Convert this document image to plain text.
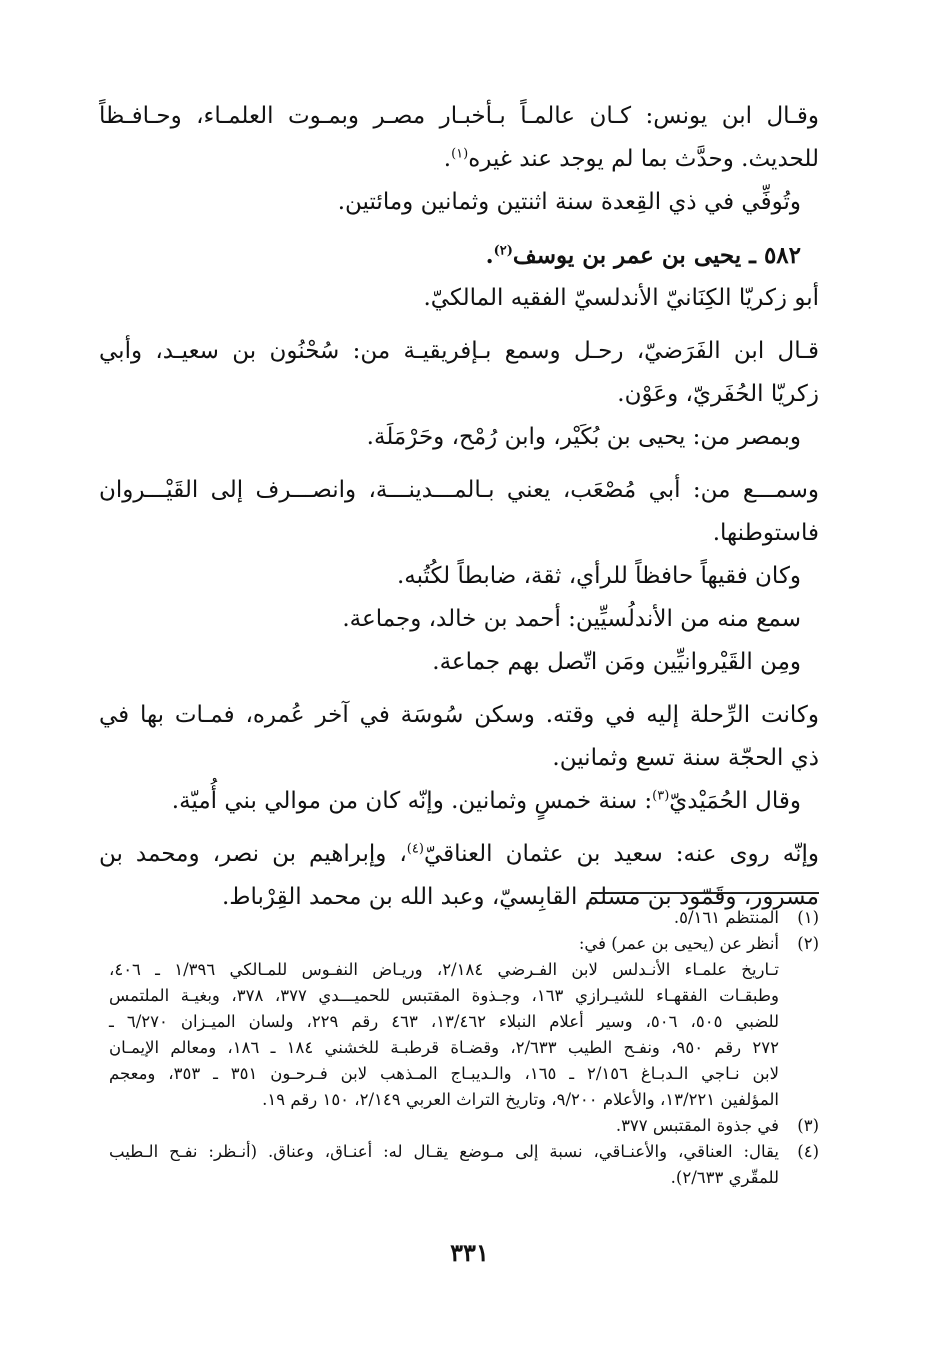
وقـال ابن يونس: كـان عالمـاً بـأخبـار مصـر وبمـوت العلمـاء، وحـافـظاً

للحديث. وحدَّث بما لم يوجد عند غيره$^{(١)}$.

وتُوفِّي في ذي القِعدة سنة اثنتين وثمانين ومائتين.

٥٨٢ ـ يحيى بن عمر بن يوسف$^{(٢)}$.

أبو زكريّا الكِنَانيّ الأندلسيّ الفقيه المالكيّ.

قـال ابن الفَرَضيّ، رحـل وسمع بـإفريقيـة من: سُحْنُون بن سعيـد، وأبي

زكريّا الحُفَريّ، وعَوْن.

وبمصر من: يحيى بن بُكَيْر، وابن رُمْح، وحَرْمَلَة.

وسمـــع من: أبي مُصْعَب، يعني بـالمـــدينـــة، وانصـــرف إلى القَيْـــروان

فاستوطنها.

وكان فقيهاً حافظاً للرأي، ثقة، ضابطاً لكُتُبه.

سمع منه من الأندلُسيِّين: أحمد بن خالد، وجماعة.

ومِن القَيْروانيِّين ومَن اتّصل بهم جماعة.

وكانت الرِّحلة إليه في وقته. وسكن سُوسَة في آخر عُمره، فمـات بها في

ذي الحجّة سنة تسع وثمانين.

وقال الحُمَيْديّ$^{(٣)}$: سنة خمسٍ وثمانين. وإنّه كان من موالي بني أُميّة.

وإنّه روى عنه: سعيد بن عثمان العناقيّ$^{(٤)}$، وإبراهيم بن نصر، ومحمد بن

مسرور، وقَمّود بن مسلم القابِسيّ، وعبد الله بن محمد القِرْباط.

(١)
المنتظم ٥/١٦١.
(٢)
أنظر عن (يحيى بن عمر) في:
تـاريخ علمـاء الأنـدلس لابن الفـرضي ٢/١٨٤، وريـاض النفـوس للمـالكي ١/٣٩٦ ـ ٤٠٦،
وطبقـات الفقهـاء للشيـرازي ١٦٣، وجـذوة المقتبس للحميـــدي ٣٧٧، ٣٧٨، وبغيـة الملتمس
للضبي ٥٠٥، ٥٠٦، وسير أعلام النبلاء ١٣/٤٦٢، ٤٦٣ رقم ٢٢٩، ولسان الميـزان ٦/٢٧٠ ـ
٢٧٢ رقم ٩٥٠، ونفـح الطيب ٢/٦٣٣، وقضـاة قرطبـة للخشني ١٨٤ ـ ١٨٦، ومعالم الإيمـان
لابن نـاجي الـدبـاغ ٢/١٥٦ ـ ١٦٥، والـديبـاج المـذهب لابن فـرحـون ٣٥١ ـ ٣٥٣، ومعجم
المؤلفين ١٣/٢٢١، والأعلام ٩/٢٠٠، وتاريخ التراث العربي ٢/١٤٩، ١٥٠ رقم ١٩.
(٣)
في جذوة المقتبس ٣٧٧.
(٤)
يقال: العناقي، والأعنـاقي، نسبة إلى مـوضع يقـال له: أعنـاق، وعناق. (أنـظر: نفـح الـطيب
للمقّري ٢/٦٣٣).
٣٣١
